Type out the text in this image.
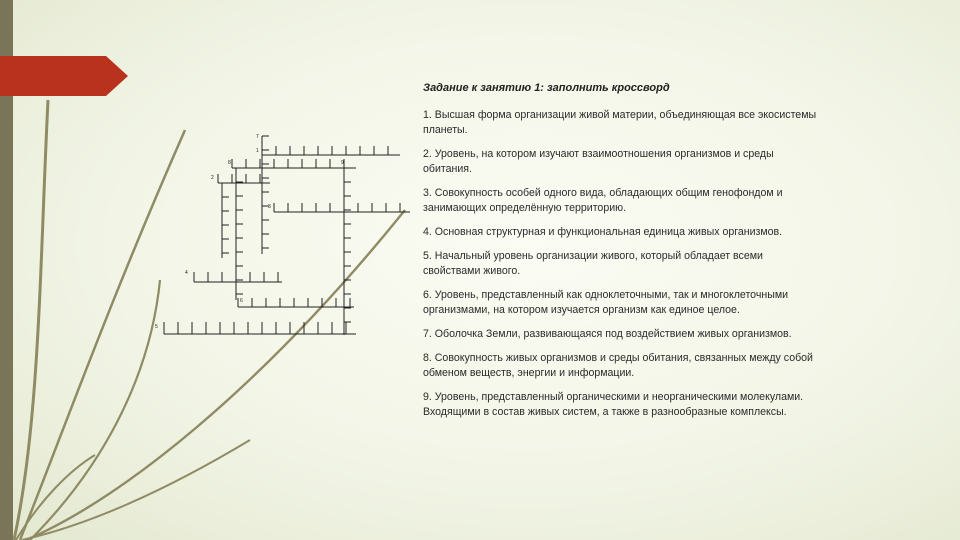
7
1
8	9
2
3
4
6
5
Задание к занятию 1: заполнить кроссворд
1. Высшая форма организации живой материи, объединяющая все экосистемы планеты.
2. Уровень, на котором изучают взаимоотношения организмов и среды обитания.
3. Совокупность особей одного вида, обладающих общим генофондом и занимающих определённую территорию.
4. Основная структурная и функциональная единица живых организмов.
5. Начальный уровень организации живого, который обладает всеми свойствами живого.
6. Уровень, представленный как одноклеточными, так и многоклеточными организмами, на котором изучается организм как единое целое.
7. Оболочка Земли, развивающаяся под воздействием живых организмов.
8. Совокупность живых организмов и среды обитания, связанных между собой обменом веществ, энергии и информации.
9. Уровень, представленный органическими и неорганическими молекулами. Входящими в состав живых систем, а также в разнообразные комплексы.
